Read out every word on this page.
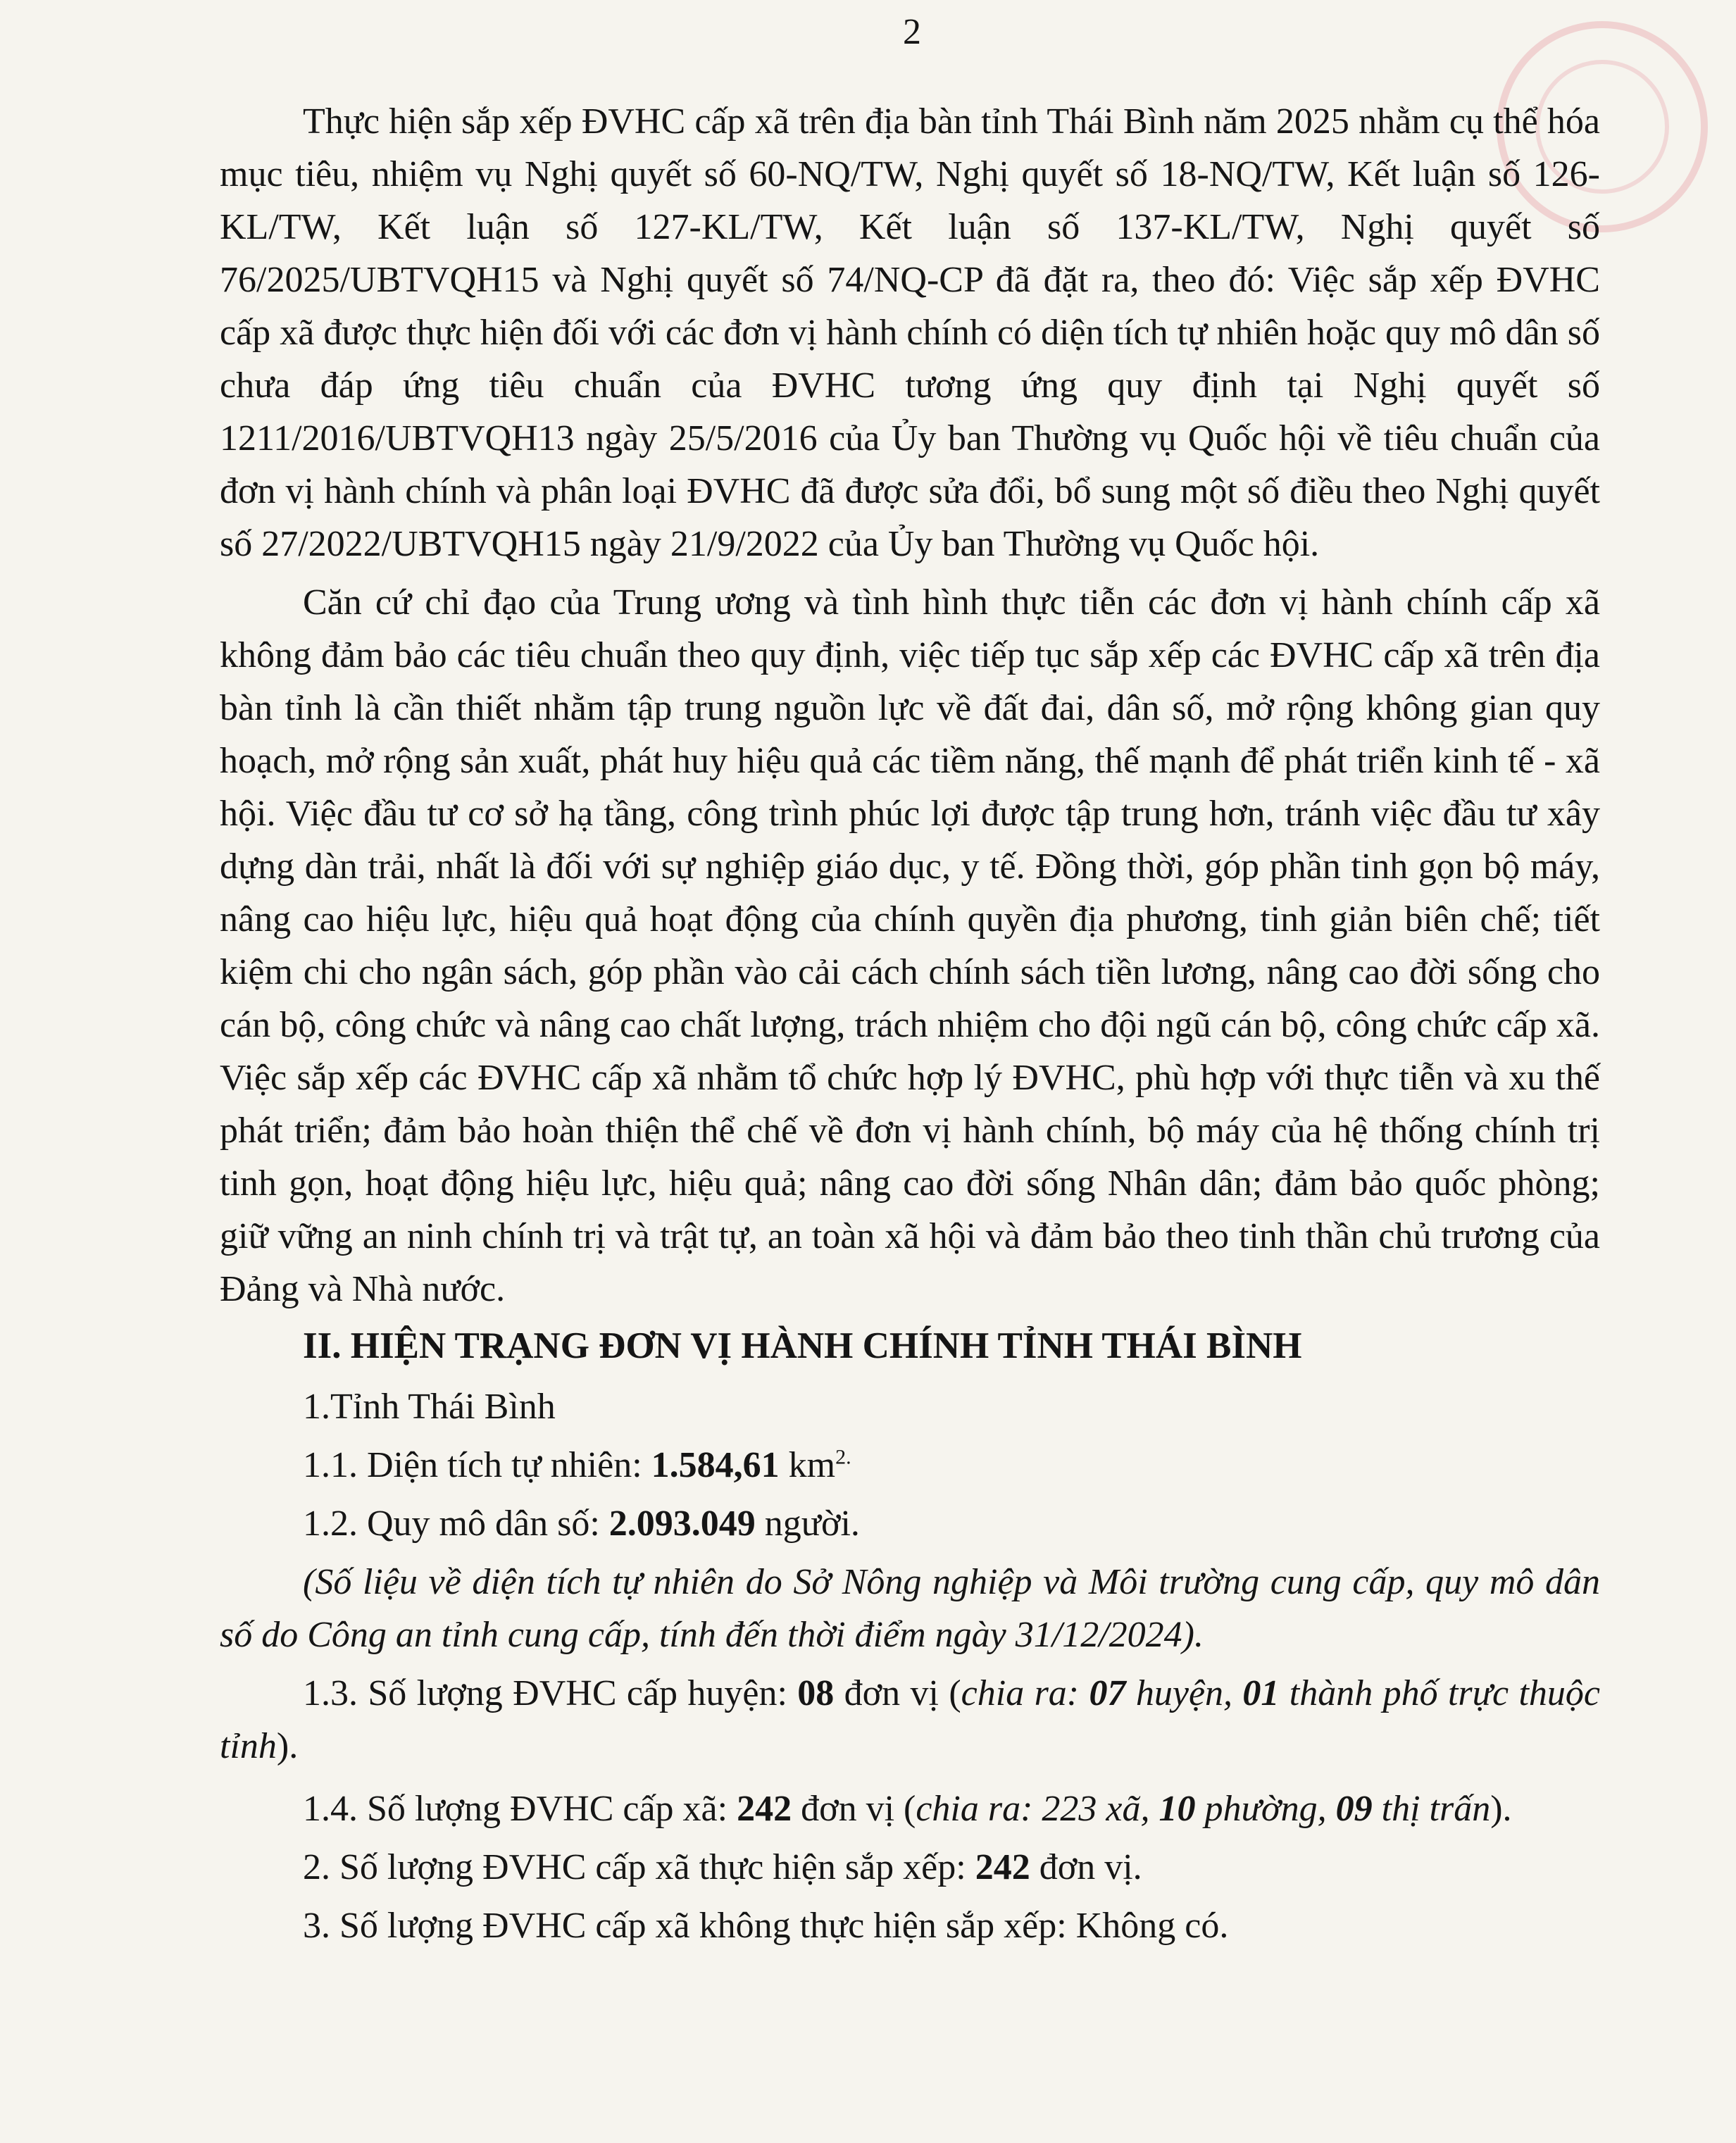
2

Thực hiện sắp xếp ĐVHC cấp xã trên địa bàn tỉnh Thái Bình năm 2025 nhằm cụ thể hóa mục tiêu, nhiệm vụ Nghị quyết số 60-NQ/TW, Nghị quyết số 18-NQ/TW, Kết luận số 126-KL/TW, Kết luận số 127-KL/TW, Kết luận số 137-KL/TW, Nghị quyết số 76/2025/UBTVQH15 và Nghị quyết số 74/NQ-CP đã đặt ra, theo đó: Việc sắp xếp ĐVHC cấp xã được thực hiện đối với các đơn vị hành chính có diện tích tự nhiên hoặc quy mô dân số chưa đáp ứng tiêu chuẩn của ĐVHC tương ứng quy định tại Nghị quyết số 1211/2016/UBTVQH13 ngày 25/5/2016 của Ủy ban Thường vụ Quốc hội về tiêu chuẩn của đơn vị hành chính và phân loại ĐVHC đã được sửa đổi, bổ sung một số điều theo Nghị quyết số 27/2022/UBTVQH15 ngày 21/9/2022 của Ủy ban Thường vụ Quốc hội.

Căn cứ chỉ đạo của Trung ương và tình hình thực tiễn các đơn vị hành chính cấp xã không đảm bảo các tiêu chuẩn theo quy định, việc tiếp tục sắp xếp các ĐVHC cấp xã trên địa bàn tỉnh là cần thiết nhằm tập trung nguồn lực về đất đai, dân số, mở rộng không gian quy hoạch, mở rộng sản xuất, phát huy hiệu quả các tiềm năng, thế mạnh để phát triển kinh tế - xã hội. Việc đầu tư cơ sở hạ tầng, công trình phúc lợi được tập trung hơn, tránh việc đầu tư xây dựng dàn trải, nhất là đối với sự nghiệp giáo dục, y tế. Đồng thời, góp phần tinh gọn bộ máy, nâng cao hiệu lực, hiệu quả hoạt động của chính quyền địa phương, tinh giản biên chế; tiết kiệm chi cho ngân sách, góp phần vào cải cách chính sách tiền lương, nâng cao đời sống cho cán bộ, công chức và nâng cao chất lượng, trách nhiệm cho đội ngũ cán bộ, công chức cấp xã. Việc sắp xếp các ĐVHC cấp xã nhằm tổ chức hợp lý ĐVHC, phù hợp với thực tiễn và xu thế phát triển; đảm bảo hoàn thiện thể chế về đơn vị hành chính, bộ máy của hệ thống chính trị tinh gọn, hoạt động hiệu lực, hiệu quả; nâng cao đời sống Nhân dân; đảm bảo quốc phòng; giữ vững an ninh chính trị và trật tự, an toàn xã hội và đảm bảo theo tinh thần chủ trương của Đảng và Nhà nước.

II. HIỆN TRẠNG ĐƠN VỊ HÀNH CHÍNH TỈNH THÁI BÌNH

1.Tỉnh Thái Bình

1.1. Diện tích tự nhiên: 1.584,61 $km^{2.}$

1.2. Quy mô dân số: 2.093.049 người.

(Số liệu về diện tích tự nhiên do Sở Nông nghiệp và Môi trường cung cấp, quy mô dân số do Công an tỉnh cung cấp, tính đến thời điểm ngày 31/12/2024).

1.3. Số lượng ĐVHC cấp huyện: 08 đơn vị (chia ra: 07 huyện, 01 thành phố trực thuộc tỉnh).

1.4. Số lượng ĐVHC cấp xã: 242 đơn vị (chia ra: 223 xã, 10 phường, 09 thị trấn).

2. Số lượng ĐVHC cấp xã thực hiện sắp xếp: 242 đơn vị.

3. Số lượng ĐVHC cấp xã không thực hiện sắp xếp: Không có.
